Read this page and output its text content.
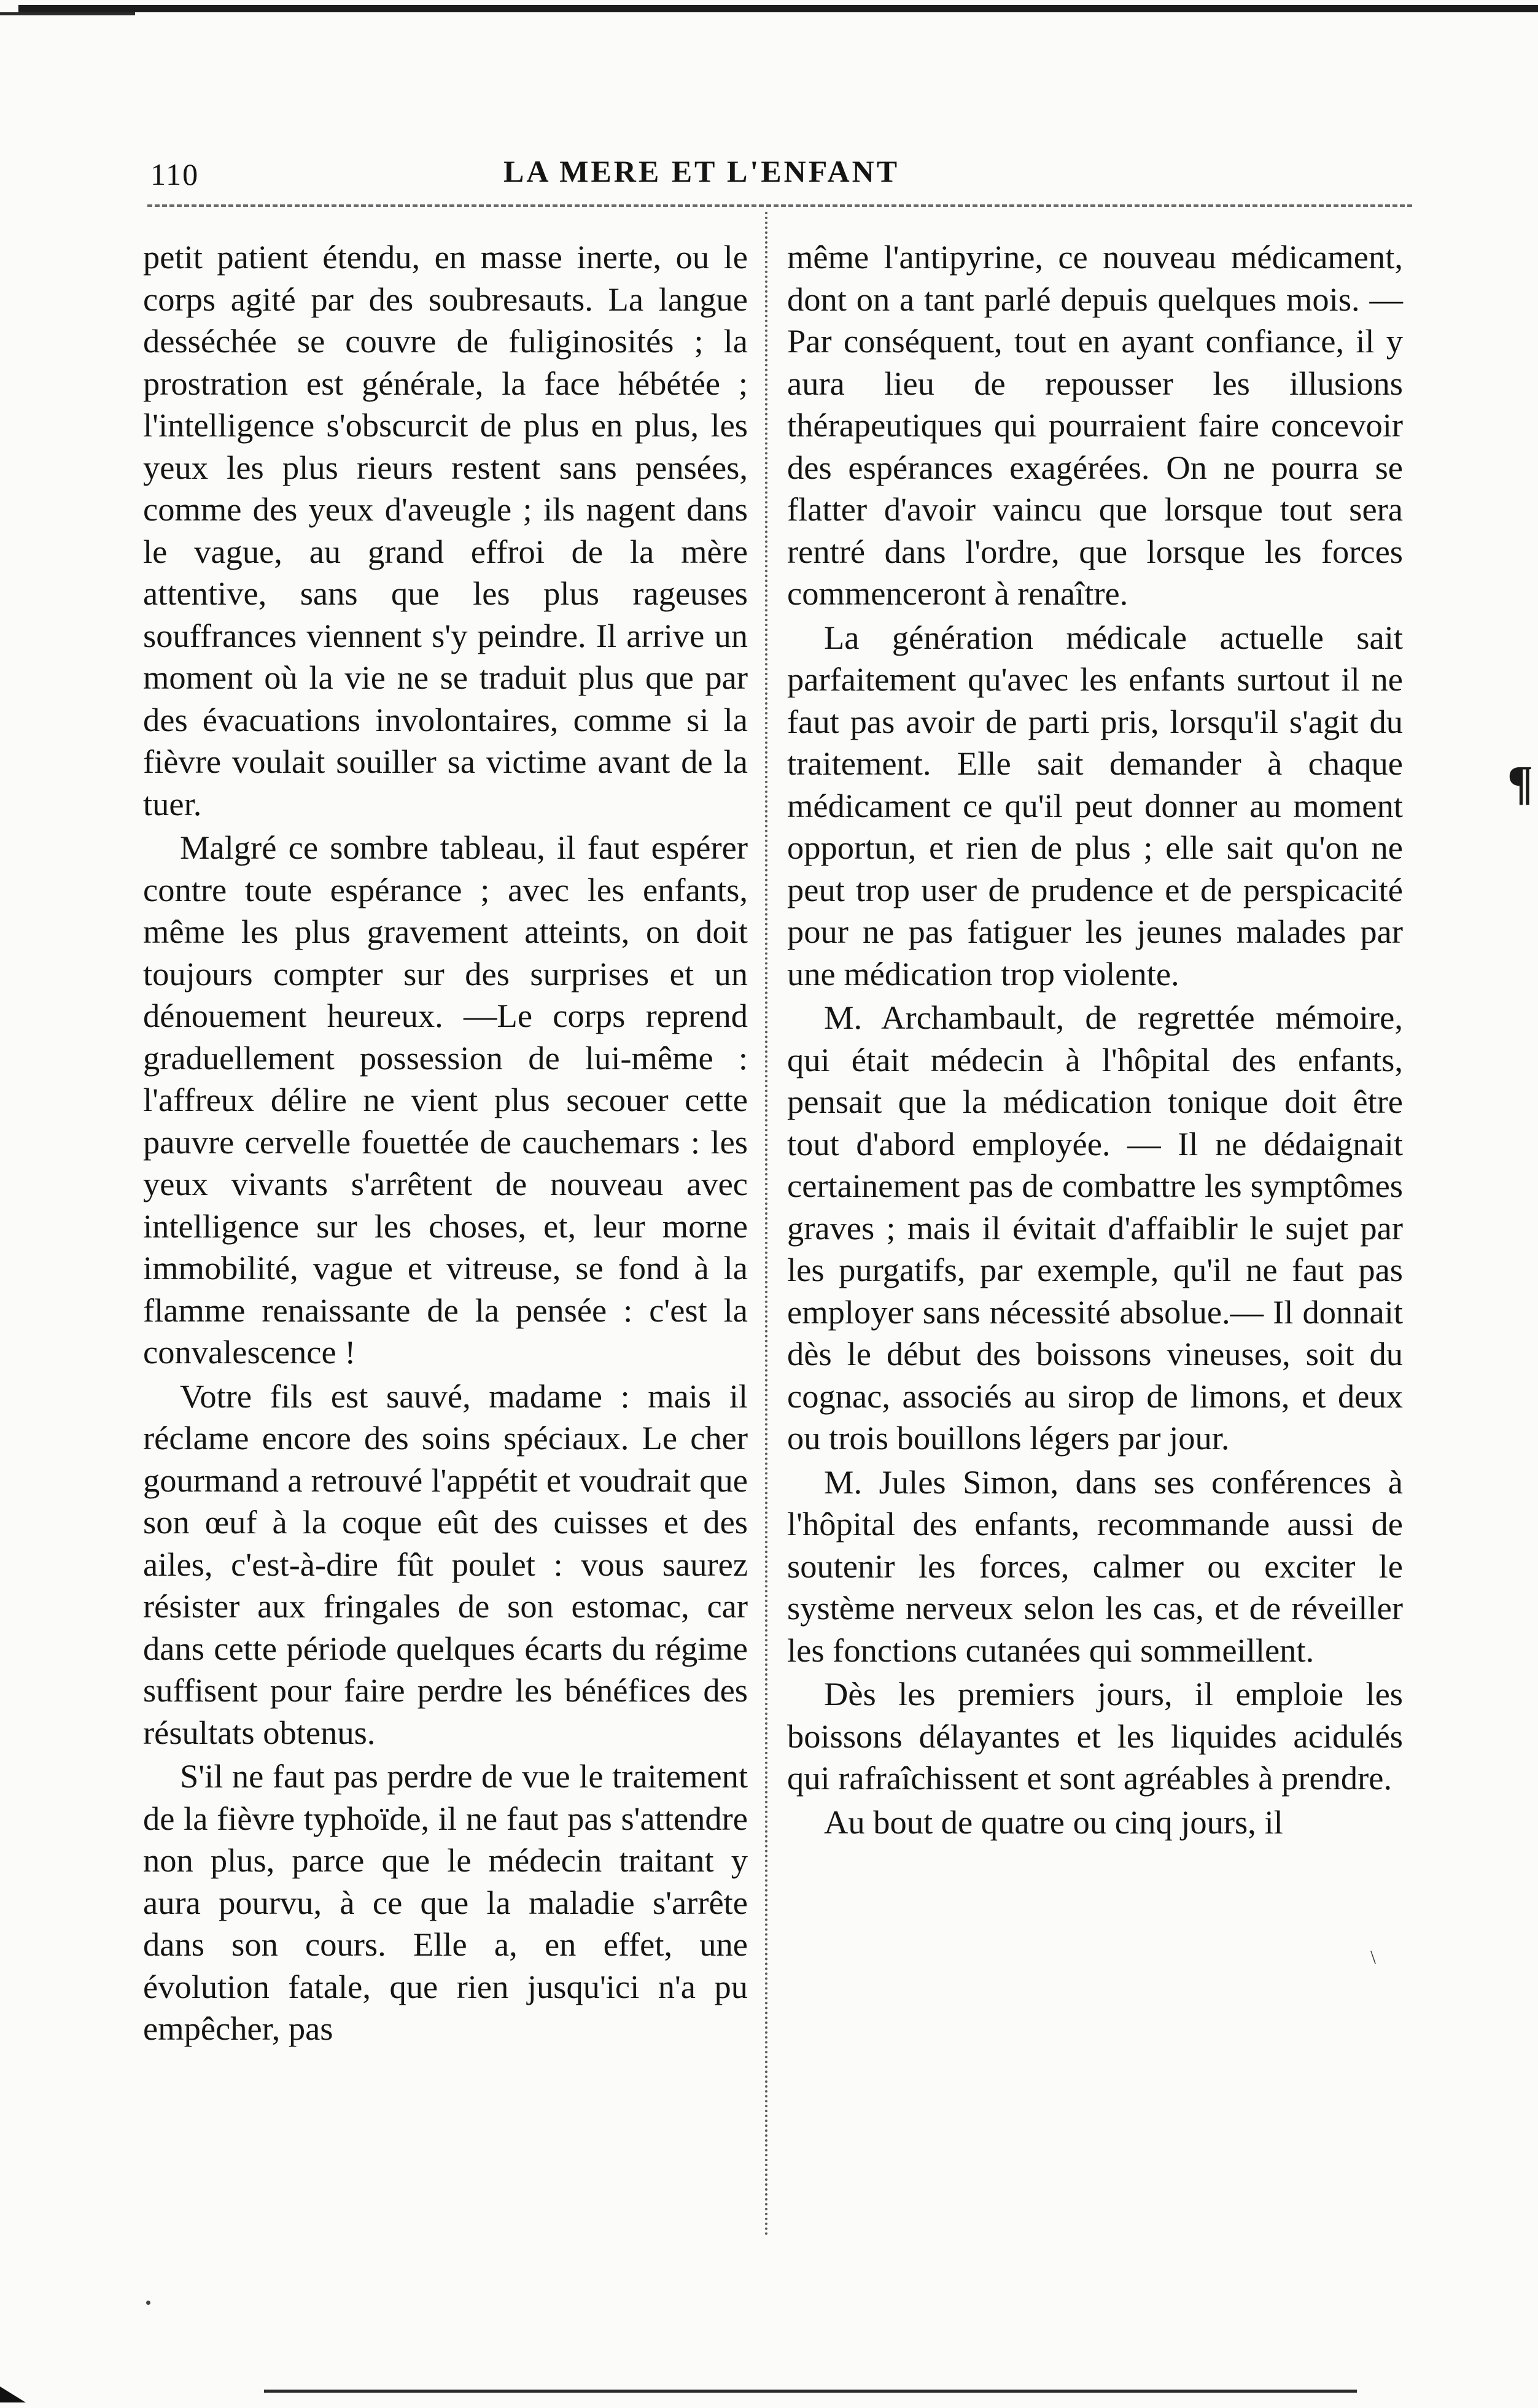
110	LA MERE ET L'ENFANT

petit patient étendu, en masse inerte, ou le corps agité par des soubresauts. La langue desséchée se couvre de fuliginosités ; la prostration est générale, la face hébétée ; l'intelligence s'obscurcit de plus en plus, les yeux les plus rieurs restent sans pensées, comme des yeux d'aveugle ; ils nagent dans le vague, au grand effroi de la mère attentive, sans que les plus rageuses souffrances viennent s'y peindre. Il arrive un moment où la vie ne se traduit plus que par des évacuations involontaires, comme si la fièvre voulait souiller sa victime avant de la tuer.

Malgré ce sombre tableau, il faut espérer contre toute espérance ; avec les enfants, même les plus gravement atteints, on doit toujours compter sur des surprises et un dénouement heureux. —Le corps reprend graduellement possession de lui-même : l'affreux délire ne vient plus secouer cette pauvre cervelle fouettée de cauchemars : les yeux vivants s'arrêtent de nouveau avec intelligence sur les choses, et, leur morne immobilité, vague et vitreuse, se fond à la flamme renaissante de la pensée : c'est la convalescence !

Votre fils est sauvé, madame : mais il réclame encore des soins spéciaux. Le cher gourmand a retrouvé l'appétit et voudrait que son œuf à la coque eût des cuisses et des ailes, c'est-à-dire fût poulet : vous saurez résister aux fringales de son estomac, car dans cette période quelques écarts du régime suffisent pour faire perdre les bénéfices des résultats obtenus.

S'il ne faut pas perdre de vue le traitement de la fièvre typhoïde, il ne faut pas s'attendre non plus, parce que le médecin traitant y aura pourvu, à ce que la maladie s'arrête dans son cours. Elle a, en effet, une évolution fatale, que rien jusqu'ici n'a pu empêcher, pas

même l'antipyrine, ce nouveau médicament, dont on a tant parlé depuis quelques mois. — Par conséquent, tout en ayant confiance, il y aura lieu de repousser les illusions thérapeutiques qui pourraient faire concevoir des espérances exagérées. On ne pourra se flatter d'avoir vaincu que lorsque tout sera rentré dans l'ordre, que lorsque les forces commenceront à renaître.

La génération médicale actuelle sait parfaitement qu'avec les enfants surtout il ne faut pas avoir de parti pris, lorsqu'il s'agit du traitement. Elle sait demander à chaque médicament ce qu'il peut donner au moment opportun, et rien de plus ; elle sait qu'on ne peut trop user de prudence et de perspicacité pour ne pas fatiguer les jeunes malades par une médication trop violente.

M. Archambault, de regrettée mémoire, qui était médecin à l'hôpital des enfants, pensait que la médication tonique doit être tout d'abord employée. — Il ne dédaignait certainement pas de combattre les symptômes graves ; mais il évitait d'affaiblir le sujet par les purgatifs, par exemple, qu'il ne faut pas employer sans nécessité absolue.— Il donnait dès le début des boissons vineuses, soit du cognac, associés au sirop de limons, et deux ou trois bouillons légers par jour.

M. Jules Simon, dans ses conférences à l'hôpital des enfants, recommande aussi de soutenir les forces, calmer ou exciter le système nerveux selon les cas, et de réveiller les fonctions cutanées qui sommeillent.

Dès les premiers jours, il emploie les boissons délayantes et les liquides acidulés qui rafraîchissent et sont agréables à prendre.

Au bout de quatre ou cinq jours, il

¶
\
